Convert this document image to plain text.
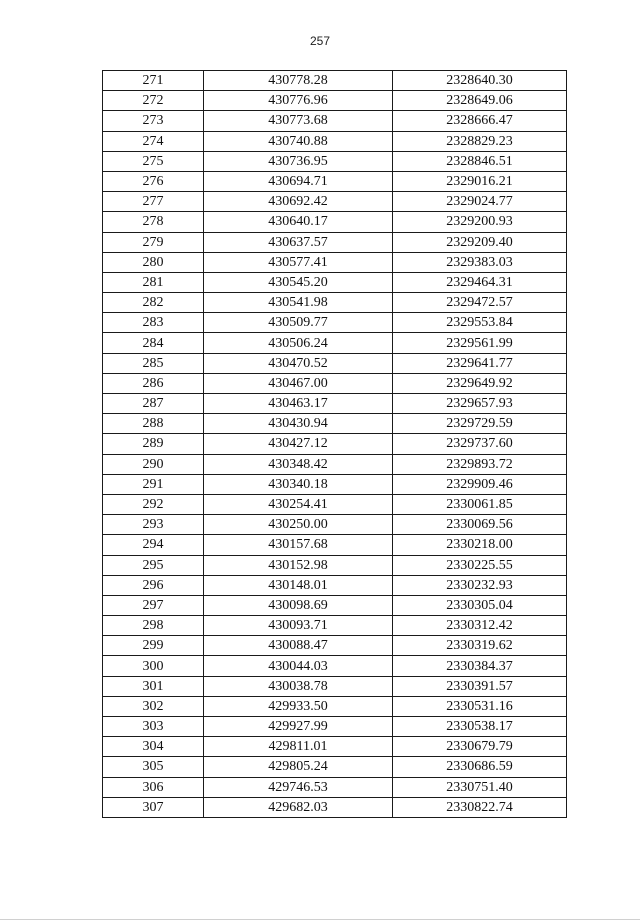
257
271	430778.28	2328640.30
272	430776.96	2328649.06
273	430773.68	2328666.47
274	430740.88	2328829.23
275	430736.95	2328846.51
276	430694.71	2329016.21
277	430692.42	2329024.77
278	430640.17	2329200.93
279	430637.57	2329209.40
280	430577.41	2329383.03
281	430545.20	2329464.31
282	430541.98	2329472.57
283	430509.77	2329553.84
284	430506.24	2329561.99
285	430470.52	2329641.77
286	430467.00	2329649.92
287	430463.17	2329657.93
288	430430.94	2329729.59
289	430427.12	2329737.60
290	430348.42	2329893.72
291	430340.18	2329909.46
292	430254.41	2330061.85
293	430250.00	2330069.56
294	430157.68	2330218.00
295	430152.98	2330225.55
296	430148.01	2330232.93
297	430098.69	2330305.04
298	430093.71	2330312.42
299	430088.47	2330319.62
300	430044.03	2330384.37
301	430038.78	2330391.57
302	429933.50	2330531.16
303	429927.99	2330538.17
304	429811.01	2330679.79
305	429805.24	2330686.59
306	429746.53	2330751.40
307	429682.03	2330822.74
